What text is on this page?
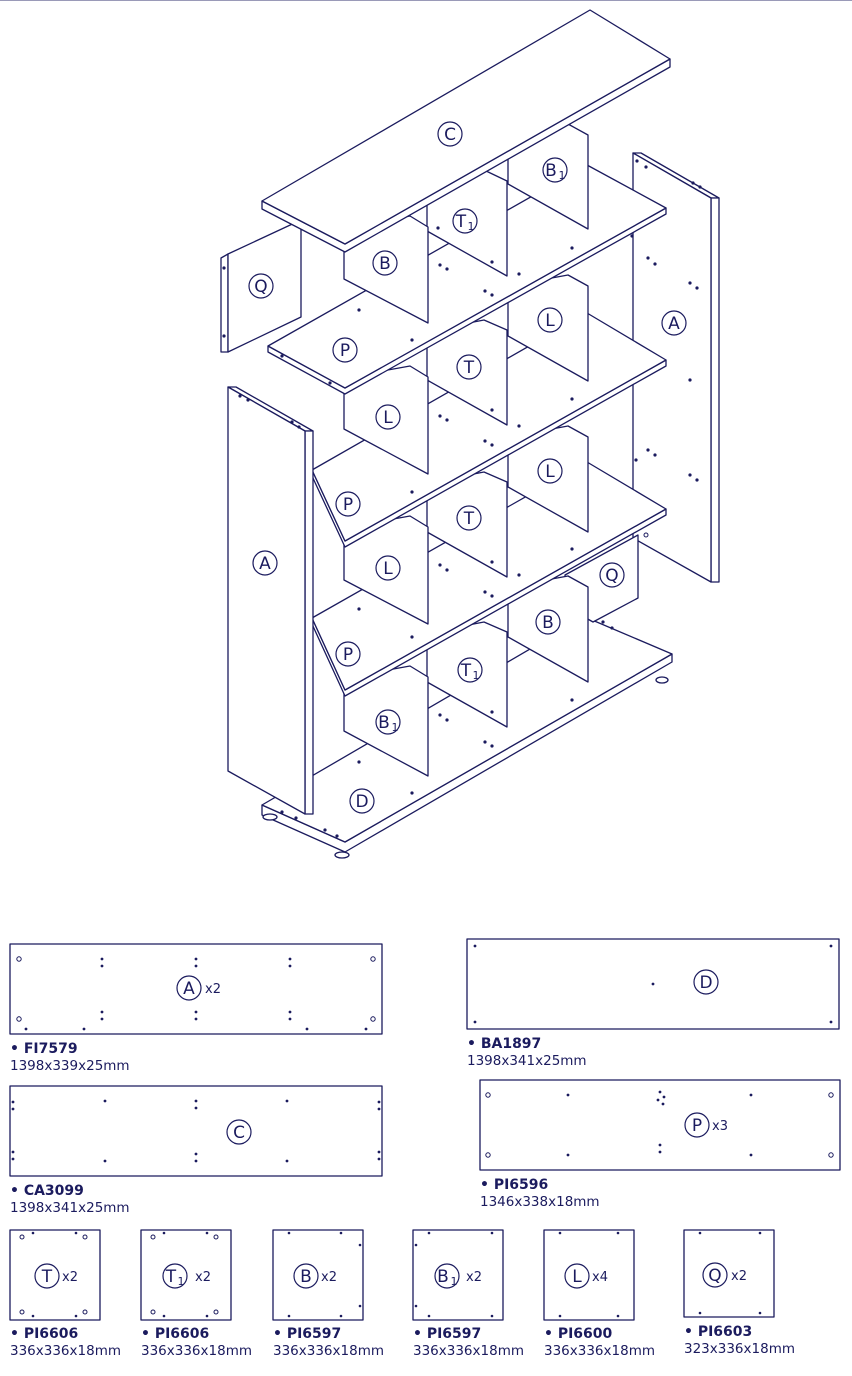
A
Q
D
Q
B
T 1
B 1
P
L
T
L
P
L
T
L
P
B 1
T 1
B
C
A
A x2	D
C	P x3
T x2	T 1 x2	B x2	B 1 x2	L x4	Q x2
• FI7579
1398x339x25mm
• BA1897
1398x341x25mm
• CA3099
1398x341x25mm
• PI6596
1346x338x18mm
• PI6606
336x336x18mm
• PI6606
336x336x18mm
• PI6597
336x336x18mm
• PI6597
336x336x18mm
• PI6600
336x336x18mm
• PI6603
323x336x18mm
